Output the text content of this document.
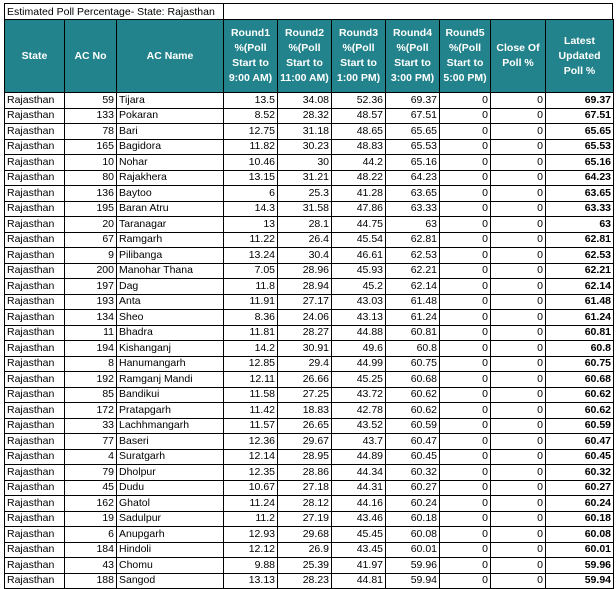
Estimated Poll Percentage- State: Rajasthan
State	AC No	AC Name	Round1 %(Poll Start to 9:00 AM)	Round2 %(Poll Start to 11:00 AM)	Round3 %(Poll Start to 1:00 PM)	Round4 %(Poll Start to 3:00 PM)	Round5 %(Poll Start to 5:00 PM)	Close Of Poll %	Latest Updated Poll %
Rajasthan	59	Tijara	13.5	34.08	52.36	69.37	0	0	69.37
Rajasthan	133	Pokaran	8.52	28.32	48.57	67.51	0	0	67.51
Rajasthan	78	Bari	12.75	31.18	48.65	65.65	0	0	65.65
Rajasthan	165	Bagidora	11.82	30.23	48.83	65.53	0	0	65.53
Rajasthan	10	Nohar	10.46	30	44.2	65.16	0	0	65.16
Rajasthan	80	Rajakhera	13.15	31.21	48.22	64.23	0	0	64.23
Rajasthan	136	Baytoo	6	25.3	41.28	63.65	0	0	63.65
Rajasthan	195	Baran Atru	14.3	31.58	47.86	63.33	0	0	63.33
Rajasthan	20	Taranagar	13	28.1	44.75	63	0	0	63
Rajasthan	67	Ramgarh	11.22	26.4	45.54	62.81	0	0	62.81
Rajasthan	9	Pilibanga	13.24	30.4	46.61	62.53	0	0	62.53
Rajasthan	200	Manohar Thana	7.05	28.96	45.93	62.21	0	0	62.21
Rajasthan	197	Dag	11.8	28.94	45.2	62.14	0	0	62.14
Rajasthan	193	Anta	11.91	27.17	43.03	61.48	0	0	61.48
Rajasthan	134	Sheo	8.36	24.06	43.13	61.24	0	0	61.24
Rajasthan	11	Bhadra	11.81	28.27	44.88	60.81	0	0	60.81
Rajasthan	194	Kishanganj	14.2	30.91	49.6	60.8	0	0	60.8
Rajasthan	8	Hanumangarh	12.85	29.4	44.99	60.75	0	0	60.75
Rajasthan	192	Ramganj Mandi	12.11	26.66	45.25	60.68	0	0	60.68
Rajasthan	85	Bandikui	11.58	27.25	43.72	60.62	0	0	60.62
Rajasthan	172	Pratapgarh	11.42	18.83	42.78	60.62	0	0	60.62
Rajasthan	33	Lachhmangarh	11.57	26.65	43.52	60.59	0	0	60.59
Rajasthan	77	Baseri	12.36	29.67	43.7	60.47	0	0	60.47
Rajasthan	4	Suratgarh	12.14	28.95	44.89	60.45	0	0	60.45
Rajasthan	79	Dholpur	12.35	28.86	44.34	60.32	0	0	60.32
Rajasthan	45	Dudu	10.67	27.18	44.31	60.27	0	0	60.27
Rajasthan	162	Ghatol	11.24	28.12	44.16	60.24	0	0	60.24
Rajasthan	19	Sadulpur	11.2	27.19	43.46	60.18	0	0	60.18
Rajasthan	6	Anupgarh	12.93	29.68	45.45	60.08	0	0	60.08
Rajasthan	184	Hindoli	12.12	26.9	43.45	60.01	0	0	60.01
Rajasthan	43	Chomu	9.88	25.39	41.97	59.96	0	0	59.96
Rajasthan	188	Sangod	13.13	28.23	44.81	59.94	0	0	59.94
